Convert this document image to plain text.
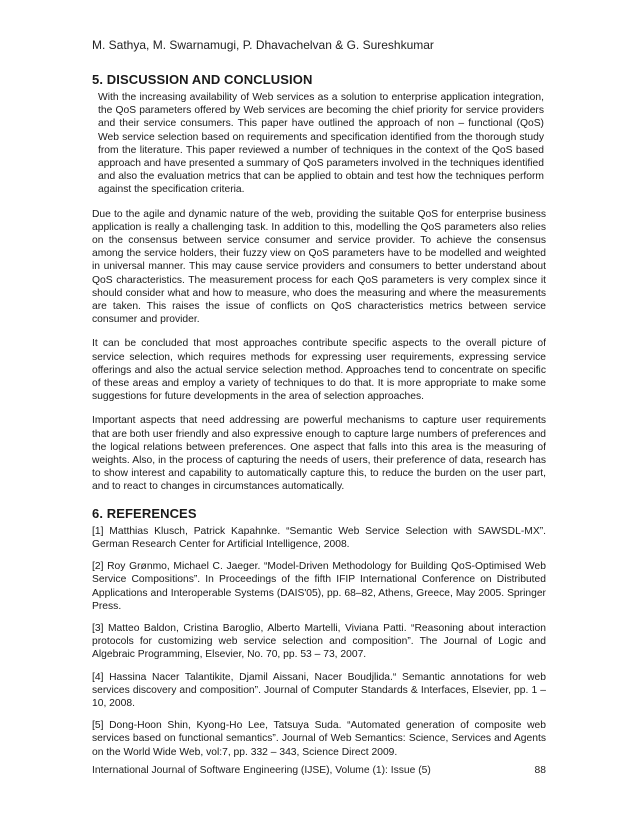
M. Sathya, M. Swarnamugi, P. Dhavachelvan & G. Sureshkumar
5. DISCUSSION AND CONCLUSION
With the increasing availability of Web services as a solution to enterprise application integration, the QoS parameters offered by Web services are becoming the chief priority for service providers and their service consumers. This paper have outlined the approach of non – functional (QoS) Web service selection based on requirements and specification identified from the thorough study from the literature. This paper reviewed a number of techniques in the context of the QoS based approach and have presented a summary of QoS parameters involved in the techniques identified and also the evaluation metrics that can be applied to obtain and test how the techniques perform against the specification criteria.

Due to the agile and dynamic nature of the web, providing the suitable QoS for enterprise business application is really a challenging task. In addition to this, modelling the QoS parameters also relies on the consensus between service consumer and service provider. To achieve the consensus among the service holders, their fuzzy view on QoS parameters have to be modelled and weighted in universal manner. This may cause service providers and consumers to better understand about QoS characteristics. The measurement process for each QoS parameters is very complex since it should consider what and how to measure, who does the measuring and where the measurements are taken. This raises the issue of conflicts on QoS characteristics metrics between service consumer and provider.

It can be concluded that most approaches contribute specific aspects to the overall picture of service selection, which requires methods for expressing user requirements, expressing service offerings and also the actual service selection method. Approaches tend to concentrate on specific of these areas and employ a variety of techniques to do that. It is more appropriate to make some suggestions for future developments in the area of selection approaches.

Important aspects that need addressing are powerful mechanisms to capture user requirements that are both user friendly and also expressive enough to capture large numbers of preferences and the logical relations between preferences. One aspect that falls into this area is the measuring of weights. Also, in the process of capturing the needs of users, their preference of data, research has to show interest and capability to automatically capture this, to reduce the burden on the user part, and to react to changes in circumstances automatically.

6. REFERENCES
[1] Matthias Klusch, Patrick Kapahnke. “Semantic Web Service Selection with SAWSDL-MX”. German Research Center for Artificial Intelligence, 2008.
[2] Roy Grønmo, Michael C. Jaeger. “Model-Driven Methodology for Building QoS-Optimised Web Service Compositions”. In Proceedings of the fifth IFIP International Conference on Distributed Applications and Interoperable Systems (DAIS'05), pp. 68–82, Athens, Greece, May 2005. Springer Press.
[3] Matteo Baldon, Cristina Baroglio, Alberto Martelli, Viviana Patti. “Reasoning about interaction protocols for customizing web service selection and composition”. The Journal of Logic and Algebraic Programming, Elsevier, No. 70, pp. 53 – 73, 2007.
[4] Hassina Nacer Talantikite, Djamil Aissani, Nacer Boudjlida.“ Semantic annotations for web services discovery and composition”. Journal of Computer Standards & Interfaces, Elsevier, pp. 1 – 10, 2008.
[5] Dong-Hoon Shin, Kyong-Ho Lee, Tatsuya Suda. “Automated generation of composite web services based on functional semantics”. Journal of Web Semantics: Science, Services and Agents on the World Wide Web, vol:7, pp. 332 – 343, Science Direct 2009.
International Journal of Software Engineering (IJSE), Volume (1): Issue (5)	88
